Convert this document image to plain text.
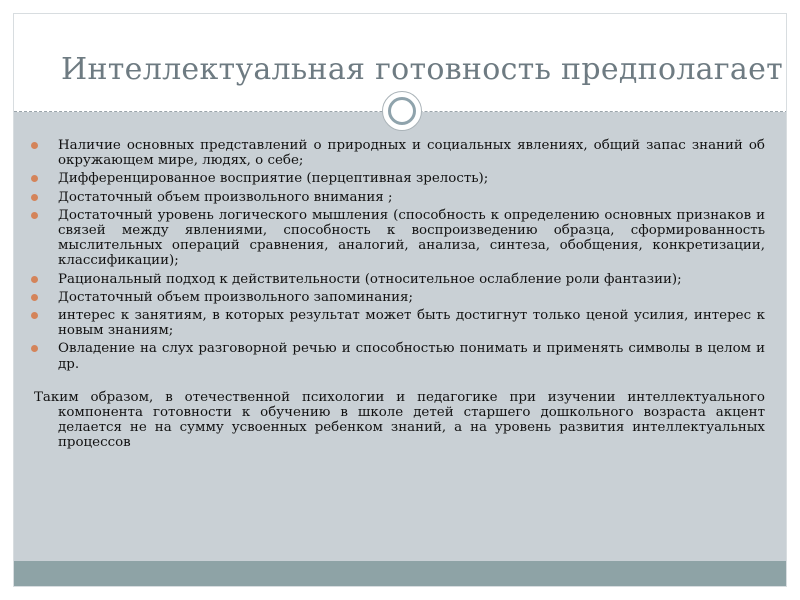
Интеллектуальная готовность предполагает
Наличие основных представлений о природных и социальных явлениях, общий запас знаний об окружающем мире, людях, о себе;
Дифференцированное восприятие (перцептивная зрелость);
Достаточный объем произвольного внимания ;
Достаточный уровень логического мышления (способность к определению основных признаков и связей между явлениями, способность к воспроизведению образца, сформированность мыслительных операций сравнения, аналогий, анализа, синтеза, обобщения, конкретизации, классификации);
Рациональный подход к действительности (относительное ослабление роли фантазии);
Достаточный объем произвольного запоминания;
интерес к занятиям, в которых результат может быть достигнут только ценой усилия, интерес к новым знаниям;
Овладение на слух разговорной речью и способностью понимать и применять символы в целом и др.

Таким образом, в отечественной психологии и педагогике при изучении интеллектуального компонента готовности к обучению в школе детей старшего дошкольного возраста акцент делается не на сумму усвоенных ребенком знаний, а на уровень развития интеллектуальных процессов
